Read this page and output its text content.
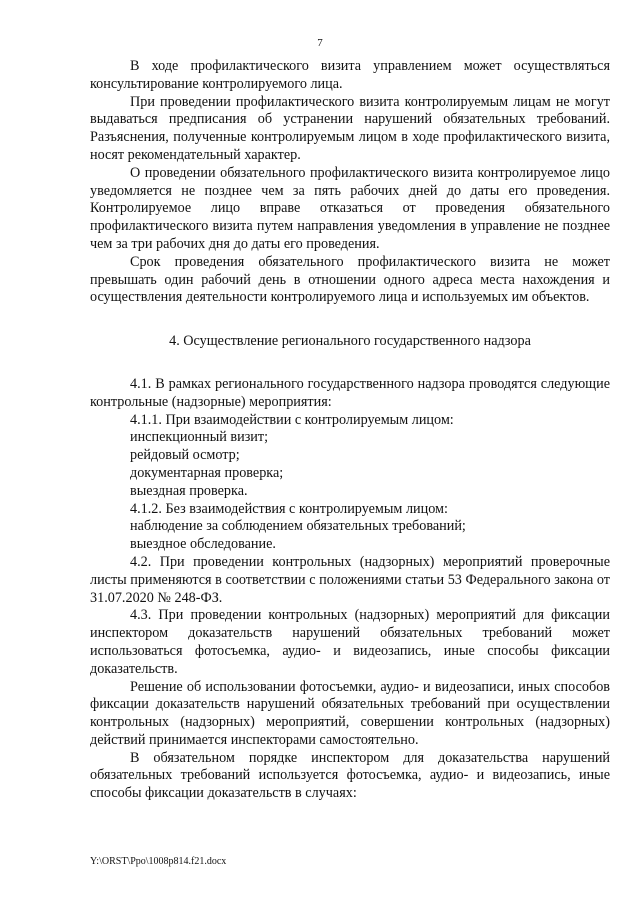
7

В ходе профилактического визита управлением может осуществляться консультирование контролируемого лица.

При проведении профилактического визита контролируемым лицам не могут выдаваться предписания об устранении нарушений обязательных требований. Разъяснения, полученные контролируемым лицом в ходе профилактического визита, носят рекомендательный характер.

О проведении обязательного профилактического визита контролируемое лицо уведомляется не позднее чем за пять рабочих дней до даты его проведения. Контролируемое лицо вправе отказаться от проведения обязательного профилактического визита путем направления уведомления в управление не позднее чем за три рабочих дня до даты его проведения.

Срок проведения обязательного профилактического визита не может превышать один рабочий день в отношении одного адреса места нахождения и осуществления деятельности контролируемого лица и используемых им объектов.

4. Осуществление регионального государственного надзора

4.1. В рамках регионального государственного надзора проводятся следующие контрольные (надзорные) мероприятия:

4.1.1. При взаимодействии с контролируемым лицом:

инспекционный визит;

рейдовый осмотр;

документарная проверка;

выездная проверка.

4.1.2. Без взаимодействия с контролируемым лицом:

наблюдение за соблюдением обязательных требований;

выездное обследование.

4.2. При проведении контрольных (надзорных) мероприятий проверочные листы применяются в соответствии с положениями статьи 53 Федерального закона от 31.07.2020 № 248-ФЗ.

4.3. При проведении контрольных (надзорных) мероприятий для фиксации инспектором доказательств нарушений обязательных требований может использоваться фотосъемка, аудио- и видеозапись, иные способы фиксации доказательств.

Решение об использовании фотосъемки, аудио- и видеозаписи, иных способов фиксации доказательств нарушений обязательных требований при осуществлении контрольных (надзорных) мероприятий, совершении контрольных (надзорных) действий принимается инспекторами самостоятельно.

В обязательном порядке инспектором для доказательства нарушений обязательных требований используется фотосъемка, аудио- и видеозапись, иные способы фиксации доказательств в случаях:

Y:\ORST\Ppo\1008p814.f21.docx
